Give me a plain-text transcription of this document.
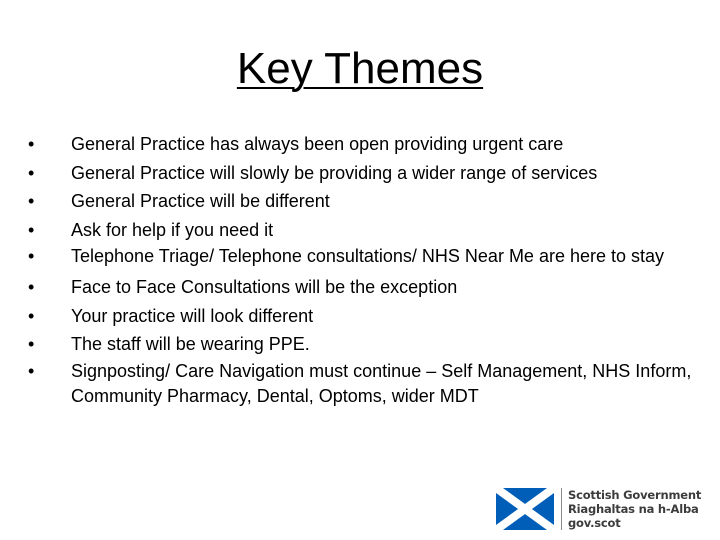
Key Themes
•	General Practice has always been open providing urgent care
•	General Practice will slowly be providing a wider range of services
•	General Practice will be different
•	Ask for help if you need it
•	Telephone Triage/ Telephone consultations/ NHS Near Me are here to stay
•	Face to Face Consultations will be the exception
•	Your practice will look different
•	The staff will be wearing PPE.
•	Signposting/ Care Navigation must continue – Self Management, NHS Inform, Community Pharmacy, Dental, Optoms, wider MDT
Scottish Government
Riaghaltas na h-Alba
gov.scot
